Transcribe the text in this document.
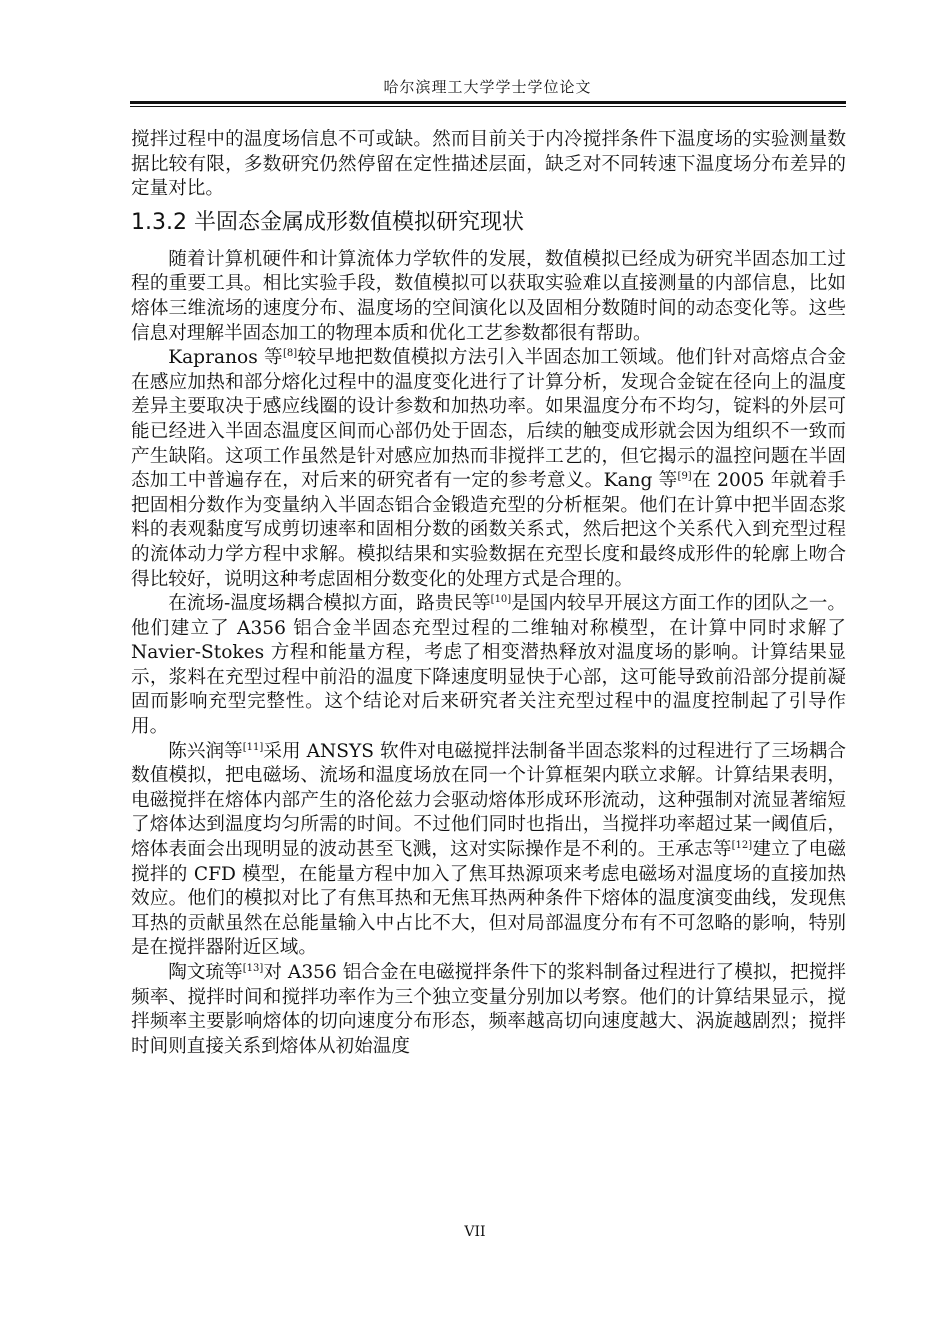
哈尔滨理工大学学士学位论文

搅拌过程中的温度场信息不可或缺。然而目前关于内冷搅拌条件下温度场的实验测量数据比较有限，多数研究仍然停留在定性描述层面，缺乏对不同转速下温度场分布差异的定量对比。

1.3.2 半固态金属成形数值模拟研究现状

随着计算机硬件和计算流体力学软件的发展，数值模拟已经成为研究半固态加工过程的重要工具。相比实验手段，数值模拟可以获取实验难以直接测量的内部信息，比如熔体三维流场的速度分布、温度场的空间演化以及固相分数随时间的动态变化等。这些信息对理解半固态加工的物理本质和优化工艺参数都很有帮助。

Kapranos 等[8]较早地把数值模拟方法引入半固态加工领域。他们针对高熔点合金在感应加热和部分熔化过程中的温度变化进行了计算分析，发现合金锭在径向上的温度差异主要取决于感应线圈的设计参数和加热功率。如果温度分布不均匀，锭料的外层可能已经进入半固态温度区间而心部仍处于固态，后续的触变成形就会因为组织不一致而产生缺陷。这项工作虽然是针对感应加热而非搅拌工艺的，但它揭示的温控问题在半固态加工中普遍存在，对后来的研究者有一定的参考意义。Kang 等[9]在 2005 年就着手把固相分数作为变量纳入半固态铝合金锻造充型的分析框架。他们在计算中把半固态浆料的表观黏度写成剪切速率和固相分数的函数关系式，然后把这个关系代入到充型过程的流体动力学方程中求解。模拟结果和实验数据在充型长度和最终成形件的轮廓上吻合得比较好，说明这种考虑固相分数变化的处理方式是合理的。

在流场-温度场耦合模拟方面，路贵民等[10]是国内较早开展这方面工作的团队之一。他们建立了 A356 铝合金半固态充型过程的二维轴对称模型，在计算中同时求解了 Navier-Stokes 方程和能量方程，考虑了相变潜热释放对温度场的影响。计算结果显示，浆料在充型过程中前沿的温度下降速度明显快于心部，这可能导致前沿部分提前凝固而影响充型完整性。这个结论对后来研究者关注充型过程中的温度控制起了引导作用。

陈兴润等[11]采用 ANSYS 软件对电磁搅拌法制备半固态浆料的过程进行了三场耦合数值模拟，把电磁场、流场和温度场放在同一个计算框架内联立求解。计算结果表明，电磁搅拌在熔体内部产生的洛伦兹力会驱动熔体形成环形流动，这种强制对流显著缩短了熔体达到温度均匀所需的时间。不过他们同时也指出，当搅拌功率超过某一阈值后，熔体表面会出现明显的波动甚至飞溅，这对实际操作是不利的。王承志等[12]建立了电磁搅拌的 CFD 模型，在能量方程中加入了焦耳热源项来考虑电磁场对温度场的直接加热效应。他们的模拟对比了有焦耳热和无焦耳热两种条件下熔体的温度演变曲线，发现焦耳热的贡献虽然在总能量输入中占比不大，但对局部温度分布有不可忽略的影响，特别是在搅拌器附近区域。

陶文琉等[13]对 A356 铝合金在电磁搅拌条件下的浆料制备过程进行了模拟，把搅拌频率、搅拌时间和搅拌功率作为三个独立变量分别加以考察。他们的计算结果显示，搅拌频率主要影响熔体的切向速度分布形态，频率越高切向速度越大、涡旋越剧烈；搅拌时间则直接关系到熔体从初始温度

VII
